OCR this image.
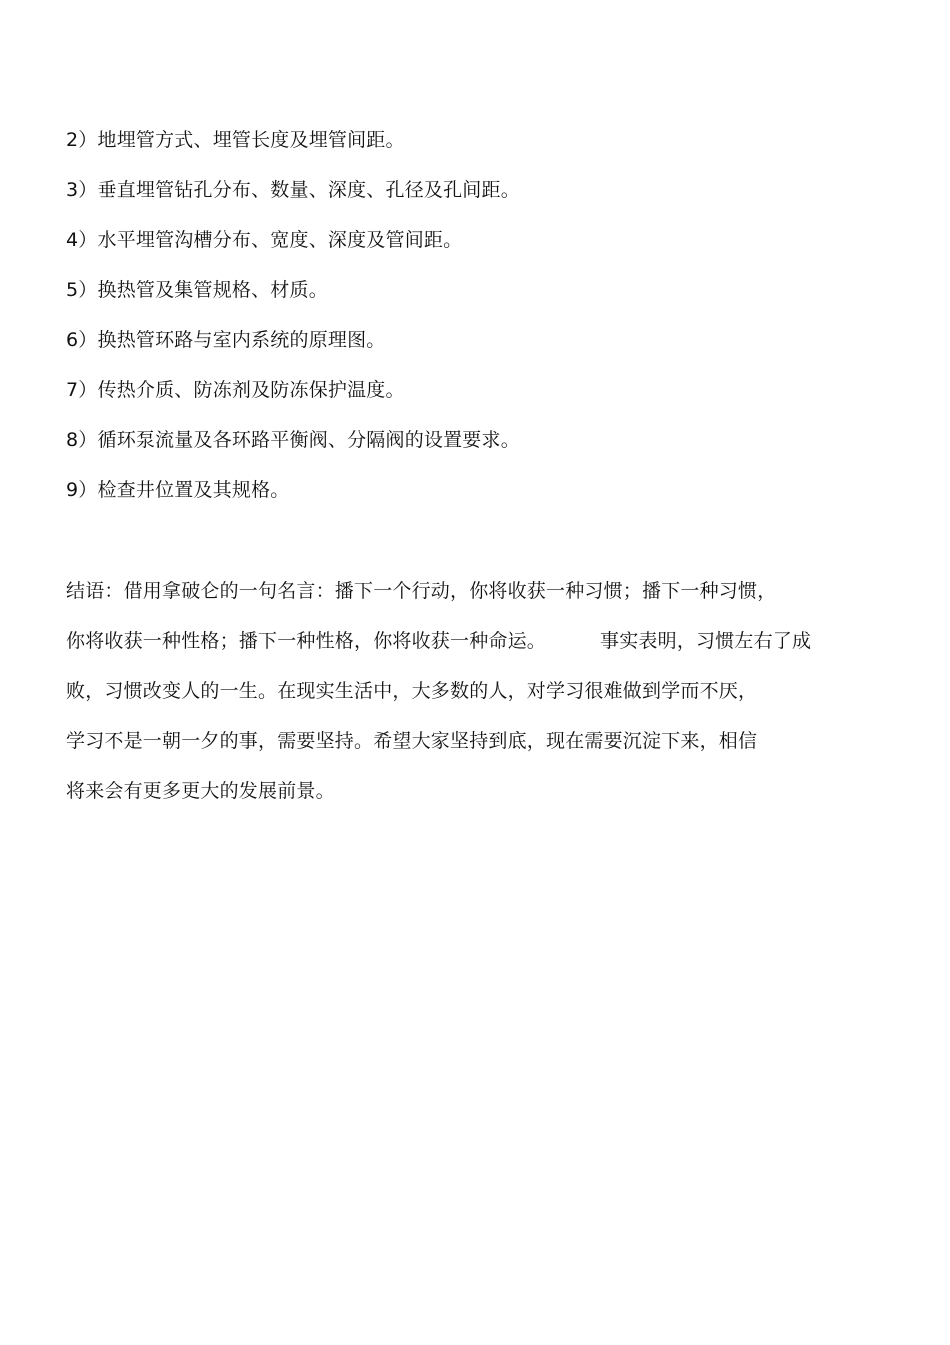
2）地埋管方式、埋管长度及埋管间距。
3）垂直埋管钻孔分布、数量、深度、孔径及孔间距。
4）水平埋管沟槽分布、宽度、深度及管间距。
5）换热管及集管规格、材质。
6）换热管环路与室内系统的原理图。
7）传热介质、防冻剂及防冻保护温度。
8）循环泵流量及各环路平衡阀、分隔阀的设置要求。
9）检查井位置及其规格。
结语：借用拿破仑的一句名言：播下一个行动，你将收获一种习惯；播下一种习惯，
你将收获一种性格；播下一种性格，你将收获一种命运。	事实表明，习惯左右了成
败，习惯改变人的一生。在现实生活中，大多数的人，对学习很难做到学而不厌，
学习不是一朝一夕的事，需要坚持。希望大家坚持到底，现在需要沉淀下来，相信
将来会有更多更大的发展前景。
